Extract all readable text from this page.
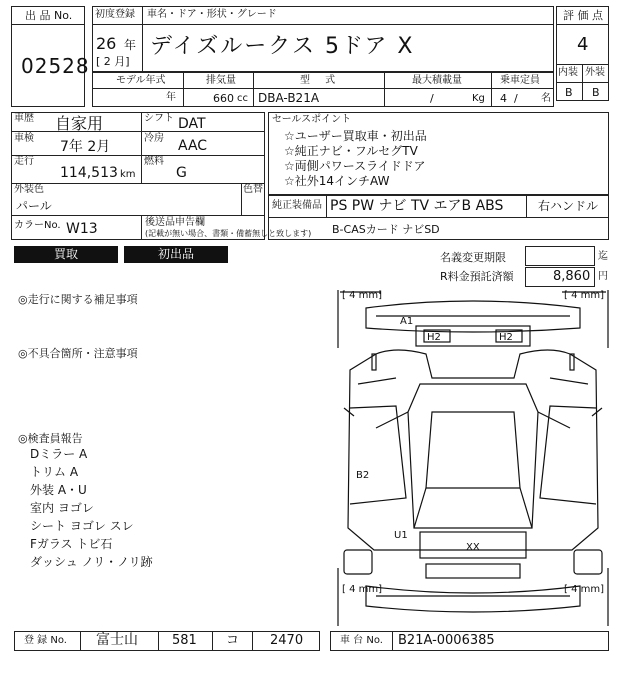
出 品 No.
02528
初度登録 車名・ドア・形状・グレード
26 年
[ 2 月]
デイズルークス 5ドア X
評 価 点
4
内装 外装
B B
モデル年式	排気量	型 式	最大積載量	乗車定員
年	660 cc DBA-B21A	/	Kg 4 / 名
車歴 自家用	シフト DAT
車検
7年 2月
冷房 AAC
走行
114,513 km
燃料
G
外装色
パール
色替
カラーNo. W13	後送品申告欄
(記載が無い場合、書類・備蓄無しと致します)
セールスポイント
☆ユーザー買取車・初出品
☆純正ナビ・フルセグTV
☆両側パワースライドドア
☆社外14インチAW
純正装備品 PS PW ナビ TV エアB ABS	右ハンドル
B-CASカード ナビSD
買取	初出品	名義変更期限	迄
R料金預託済額	8,860 円
◎走行に関する補足事項
◎不具合箇所・注意事項
◎検査員報告
Dミラー A
トリム A
外装 A・U
室内 ヨゴレ
シート ヨゴレ スレ
Fガラス トビ石
ダッシュ ノリ・ノリ跡
[ 4 mm]	[ 4 mm]
[ 4 mm]	[ 4 mm]
A1
H2	H2
B2
U1
XX
登 録 No. 富士山	581 コ 2470	車 台 No. B21A-0006385
